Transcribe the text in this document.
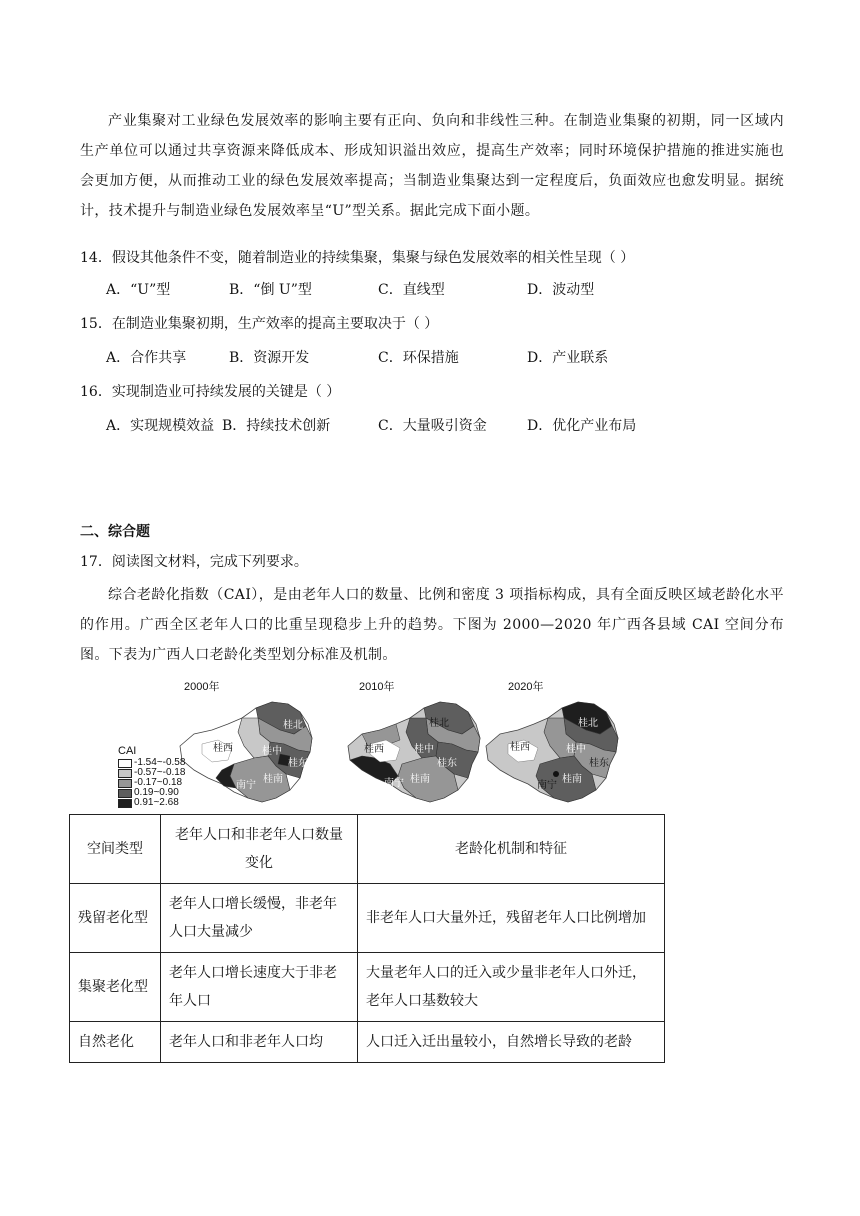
产业集聚对工业绿色发展效率的影响主要有正向、负向和非线性三种。在制造业集聚的初期，同一区域内生产单位可以通过共享资源来降低成本、形成知识溢出效应，提高生产效率；同时环境保护措施的推进实施也会更加方便，从而推动工业的绿色发展效率提高；当制造业集聚达到一定程度后，负面效应也愈发明显。据统计，技术提升与制造业绿色发展效率呈“U”型关系。据此完成下面小题。
14．假设其他条件不变，随着制造业的持续集聚，集聚与绿色发展效率的相关性呈现（ ）
A．“U”型	B．“倒 U”型	C．直线型	D．波动型
15．在制造业集聚初期，生产效率的提高主要取决于（ ）
A．合作共享	B．资源开发	C．环保措施	D．产业联系
16．实现制造业可持续发展的关键是（ ）
A．实现规模效益 B．持续技术创新	C．大量吸引资金	D．优化产业布局
二、综合题
17．阅读图文材料，完成下列要求。
综合老龄化指数（CAI），是由老年人口的数量、比例和密度 3 项指标构成，具有全面反映区域老龄化水平的作用。广西全区老年人口的比重呈现稳步上升的趋势。下图为 2000—2020 年广西各县域 CAI 空间分布图。下表为广西人口老龄化类型划分标准及机制。
2000年	2010年	2020年
桂北
桂西	桂中
桂东
南宁
桂南
桂北
桂西	桂中
桂东
南宁 桂南
桂北
桂西	桂中
桂东
南宁
桂南
CAI
-1.54~-0.58
-0.57~-0.18
-0.17~0.18
0.19~0.90
0.91~2.68
空间类型	老年人口和非老年人口数量变化	老龄化机制和特征
残留老化型	老年人口增长缓慢，非老年人口大量减少	非老年人口大量外迁，残留老年人口比例增加
集聚老化型	老年人口增长速度大于非老年人口	大量老年人口的迁入或少量非老年人口外迁，老年人口基数较大
自然老化	老年人口和非老年人口均	人口迁入迁出量较小，自然增长导致的老龄
